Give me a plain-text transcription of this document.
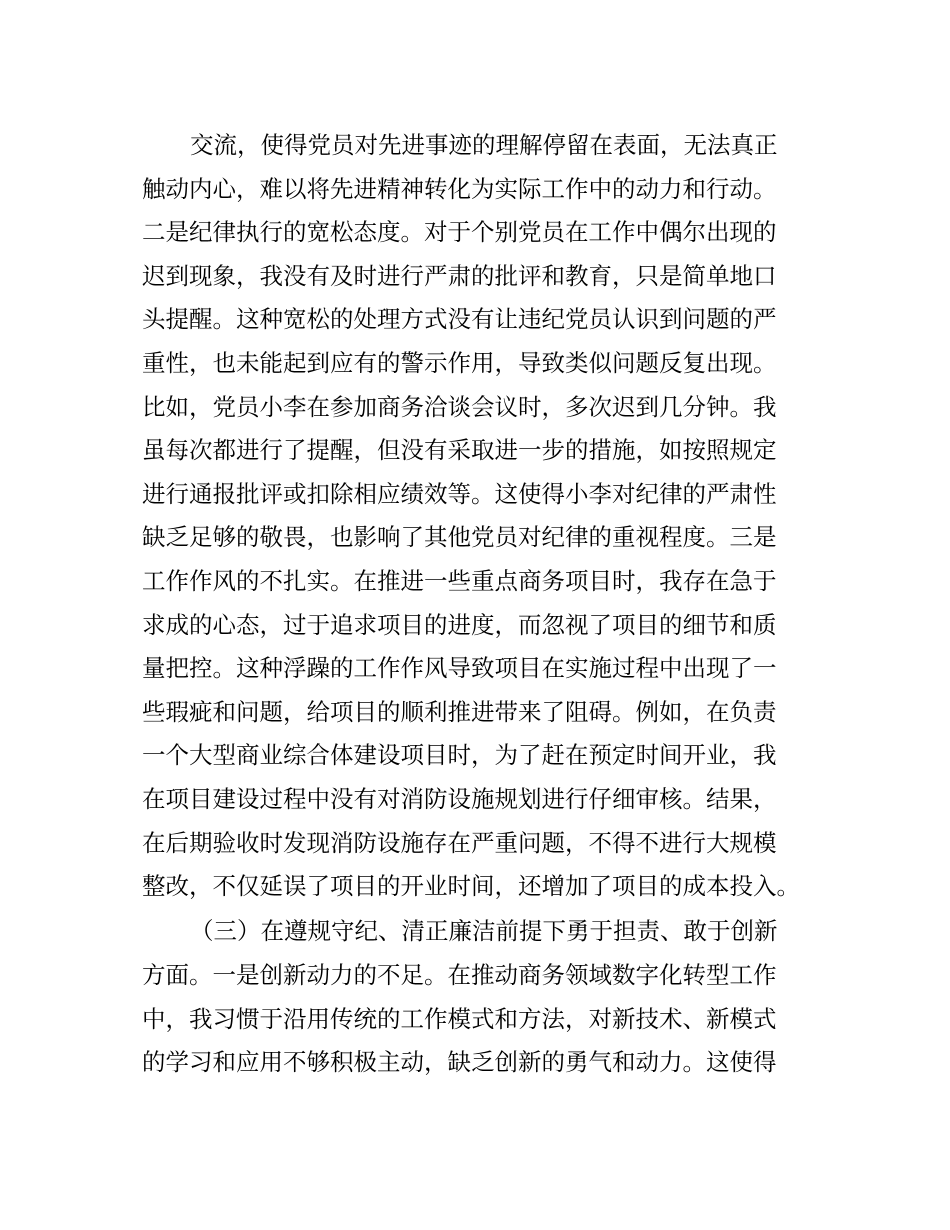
交流，使得党员对先进事迹的理解停留在表面，无法真正
触动内心，难以将先进精神转化为实际工作中的动力和行动。
二是纪律执行的宽松态度。对于个别党员在工作中偶尔出现的
迟到现象，我没有及时进行严肃的批评和教育，只是简单地口
头提醒。这种宽松的处理方式没有让违纪党员认识到问题的严
重性，也未能起到应有的警示作用，导致类似问题反复出现。
比如，党员小李在参加商务洽谈会议时，多次迟到几分钟。我
虽每次都进行了提醒，但没有采取进一步的措施，如按照规定
进行通报批评或扣除相应绩效等。这使得小李对纪律的严肃性
缺乏足够的敬畏，也影响了其他党员对纪律的重视程度。三是
工作作风的不扎实。在推进一些重点商务项目时，我存在急于
求成的心态，过于追求项目的进度，而忽视了项目的细节和质
量把控。这种浮躁的工作作风导致项目在实施过程中出现了一
些瑕疵和问题，给项目的顺利推进带来了阻碍。例如，在负责
一个大型商业综合体建设项目时，为了赶在预定时间开业，我
在项目建设过程中没有对消防设施规划进行仔细审核。结果，
在后期验收时发现消防设施存在严重问题，不得不进行大规模
整改，不仅延误了项目的开业时间，还增加了项目的成本投入。
（三）在遵规守纪、清正廉洁前提下勇于担责、敢于创新
方面。一是创新动力的不足。在推动商务领域数字化转型工作
中，我习惯于沿用传统的工作模式和方法，对新技术、新模式
的学习和应用不够积极主动，缺乏创新的勇气和动力。这使得
